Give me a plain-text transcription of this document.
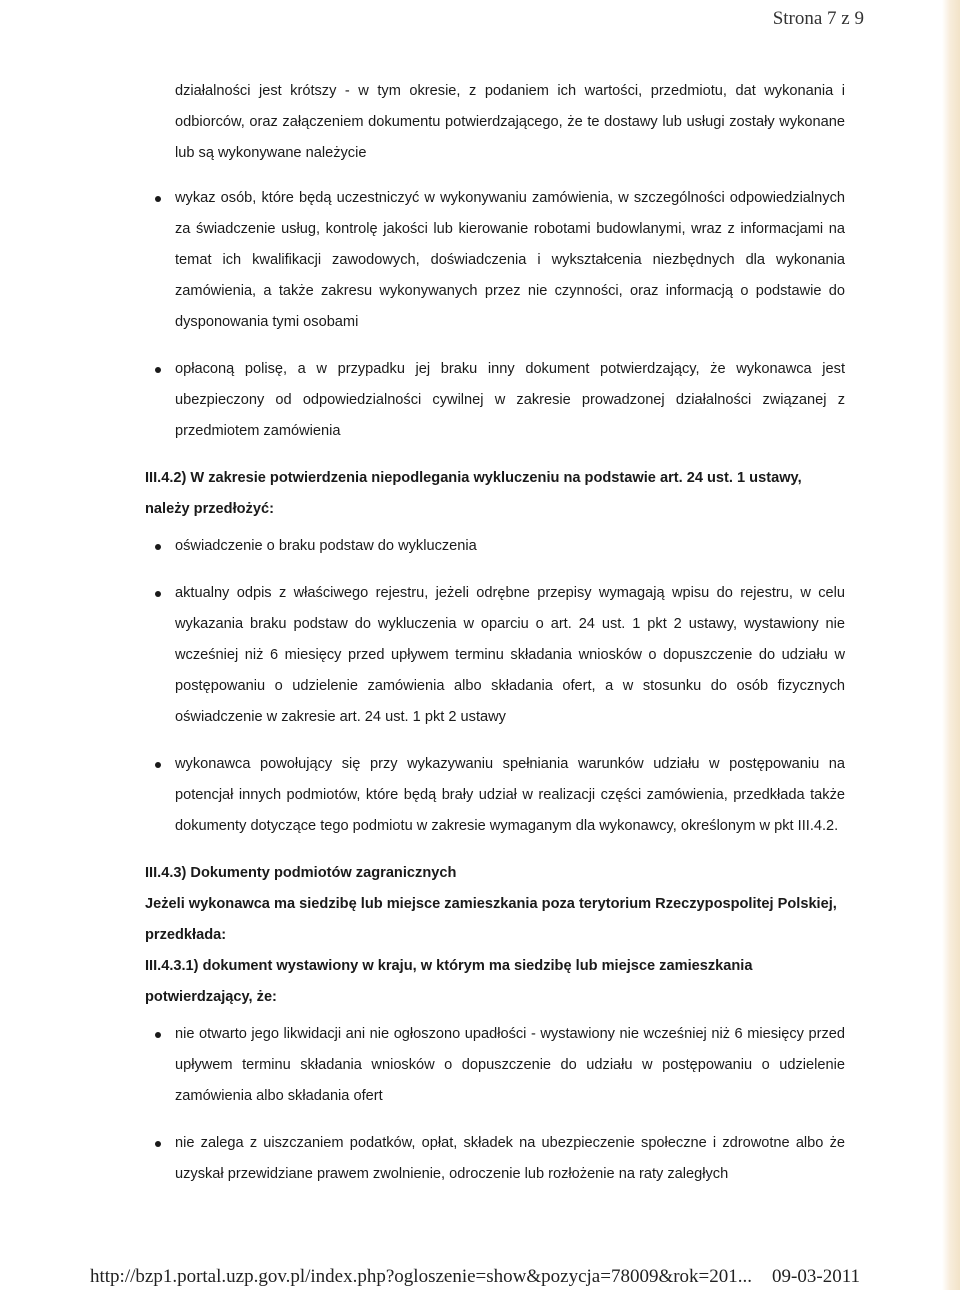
Strona 7 z 9

działalności jest krótszy - w tym okresie, z podaniem ich wartości, przedmiotu, dat wykonania i odbiorców, oraz załączeniem dokumentu potwierdzającego, że te dostawy lub usługi zostały wykonane lub są wykonywane należycie

wykaz osób, które będą uczestniczyć w wykonywaniu zamówienia, w szczególności odpowiedzialnych za świadczenie usług, kontrolę jakości lub kierowanie robotami budowlanymi, wraz z informacjami na temat ich kwalifikacji zawodowych, doświadczenia i wykształcenia niezbędnych dla wykonania zamówienia, a także zakresu wykonywanych przez nie czynności, oraz informacją o podstawie do dysponowania tymi osobami
opłaconą polisę, a w przypadku jej braku inny dokument potwierdzający, że wykonawca jest ubezpieczony od odpowiedzialności cywilnej w zakresie prowadzonej działalności związanej z przedmiotem zamówienia

III.4.2) W zakresie potwierdzenia niepodlegania wykluczeniu na podstawie art. 24 ust. 1 ustawy, należy przedłożyć:

oświadczenie o braku podstaw do wykluczenia
aktualny odpis z właściwego rejestru, jeżeli odrębne przepisy wymagają wpisu do rejestru, w celu wykazania braku podstaw do wykluczenia w oparciu o art. 24 ust. 1 pkt 2 ustawy, wystawiony nie wcześniej niż 6 miesięcy przed upływem terminu składania wniosków o dopuszczenie do udziału w postępowaniu o udzielenie zamówienia albo składania ofert, a w stosunku do osób fizycznych oświadczenie w zakresie art. 24 ust. 1 pkt 2 ustawy
wykonawca powołujący się przy wykazywaniu spełniania warunków udziału w postępowaniu na potencjał innych podmiotów, które będą brały udział w realizacji części zamówienia, przedkłada także dokumenty dotyczące tego podmiotu w zakresie wymaganym dla wykonawcy, określonym w pkt III.4.2.

III.4.3) Dokumenty podmiotów zagranicznych

Jeżeli wykonawca ma siedzibę lub miejsce zamieszkania poza terytorium Rzeczypospolitej Polskiej, przedkłada:

III.4.3.1) dokument wystawiony w kraju, w którym ma siedzibę lub miejsce zamieszkania potwierdzający, że:

nie otwarto jego likwidacji ani nie ogłoszono upadłości - wystawiony nie wcześniej niż 6 miesięcy przed upływem terminu składania wniosków o dopuszczenie do udziału w postępowaniu o udzielenie zamówienia albo składania ofert
nie zalega z uiszczaniem podatków, opłat, składek na ubezpieczenie społeczne i zdrowotne albo że uzyskał przewidziane prawem zwolnienie, odroczenie lub rozłożenie na raty zaległych
http://bzp1.portal.uzp.gov.pl/index.php?ogloszenie=show&pozycja=78009&rok=201... 09-03-2011
